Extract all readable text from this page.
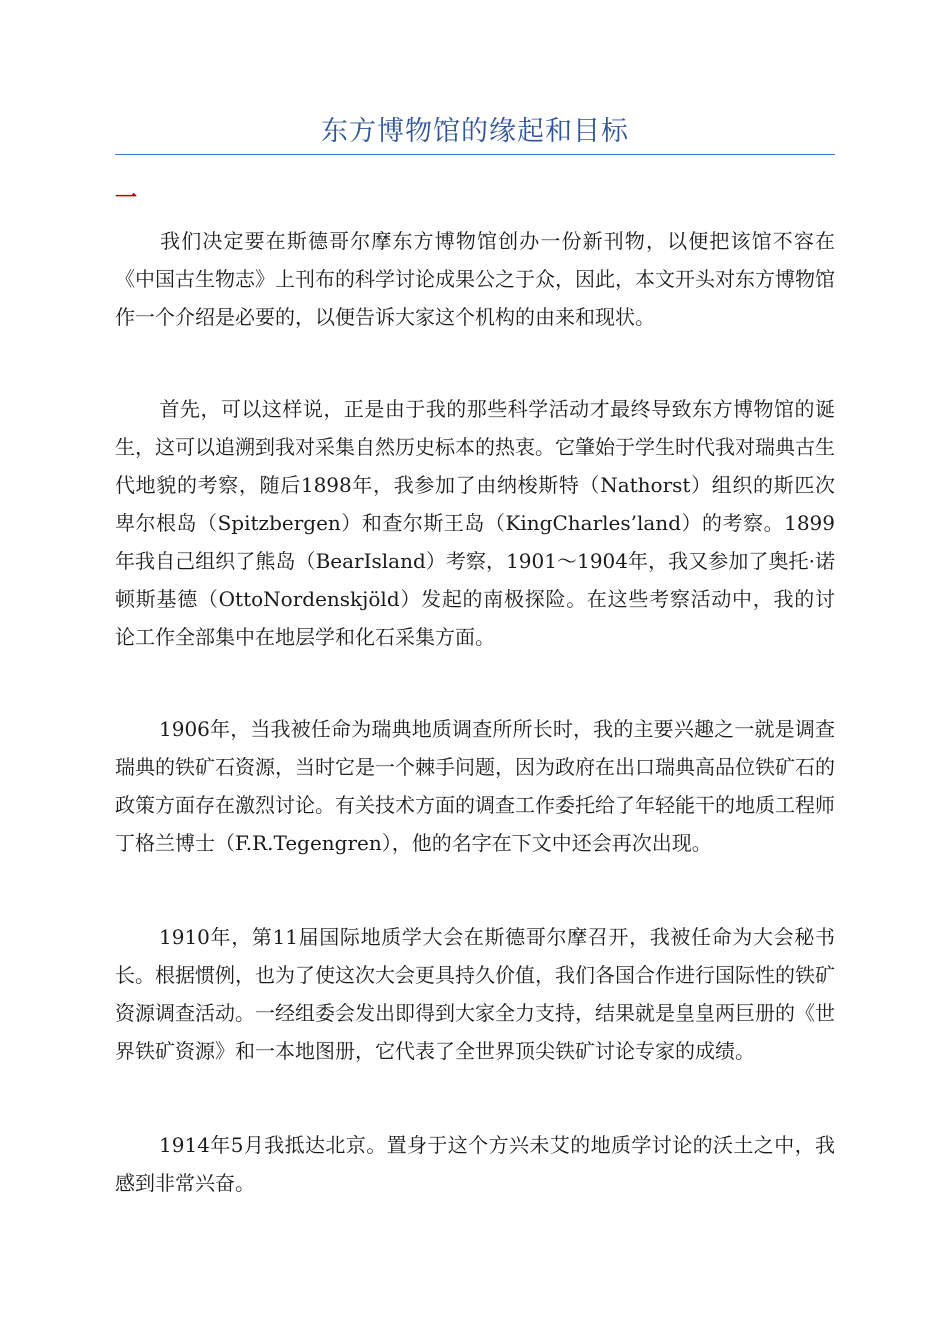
东方博物馆的缘起和目标
一

我们决定要在斯德哥尔摩东方博物馆创办一份新刊物，以便把该馆不容在《中国古生物志》上刊布的科学讨论成果公之于众，因此，本文开头对东方博物馆作一个介绍是必要的，以便告诉大家这个机构的由来和现状。

首先，可以这样说，正是由于我的那些科学活动才最终导致东方博物馆的诞生，这可以追溯到我对采集自然历史标本的热衷。它肇始于学生时代我对瑞典古生代地貌的考察，随后1898年，我参加了由纳梭斯特（Nathorst）组织的斯匹次卑尔根岛（Spitzbergen）和查尔斯王岛（KingCharles’land）的考察。1899年我自己组织了熊岛（BearIsland）考察，1901～1904年，我又参加了奥托·诺顿斯基德（OttoNordenskjöld）发起的南极探险。在这些考察活动中，我的讨论工作全部集中在地层学和化石采集方面。

1906年，当我被任命为瑞典地质调查所所长时，我的主要兴趣之一就是调查瑞典的铁矿石资源，当时它是一个棘手问题，因为政府在出口瑞典高品位铁矿石的政策方面存在激烈讨论。有关技术方面的调查工作委托给了年轻能干的地质工程师丁格兰博士（F.R.Tegengren），他的名字在下文中还会再次出现。

1910年，第11届国际地质学大会在斯德哥尔摩召开，我被任命为大会秘书长。根据惯例，也为了使这次大会更具持久价值，我们各国合作进行国际性的铁矿资源调查活动。一经组委会发出即得到大家全力支持，结果就是皇皇两巨册的《世界铁矿资源》和一本地图册，它代表了全世界顶尖铁矿讨论专家的成绩。

1914年5月我抵达北京。置身于这个方兴未艾的地质学讨论的沃土之中，我感到非常兴奋。
